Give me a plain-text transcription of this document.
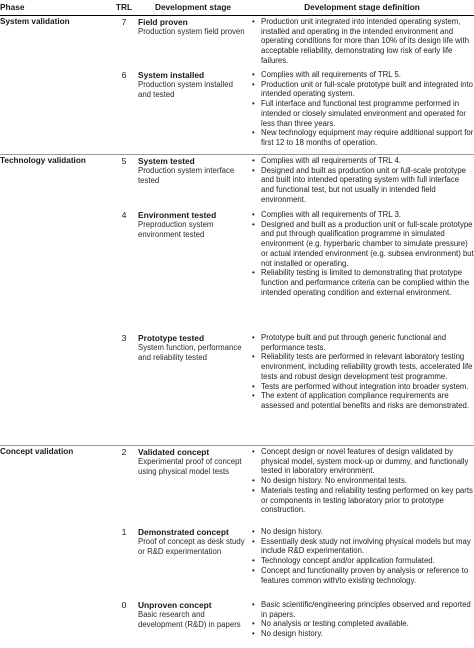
Phase	TRL	Development stage	Development stage definition
System validation	7	Field proven
Production system field proven
• Production unit integrated into intended operating system, installed and operating in the intended environment and operating conditions for more than 10% of its design life with acceptable reliability, demonstrating low risk of early life failures.
6	System installed
Production system installed and tested
• Complies with all requirements of TRL 5.
• Production unit or full-scale prototype built and integrated into intended operating system.
• Full interface and functional test programme performed in intended or closely simulated environment and operated for less than three years.
• New technology equipment may require additional support for first 12 to 18 months of operation.
Technology validation	5	System tested
Production system interface tested
• Complies with all requirements of TRL 4.
• Designed and built as production unit or full-scale prototype and built into intended operating system with full interface and functional test, but not usually in intended field environment.
4	Environment tested
Preproduction system environment tested
• Complies with all requirements of TRL 3.
• Designed and built as a production unit or full-scale prototype and put through qualification programme in simulated environment (e.g. hyperbaric chamber to simulate pressure) or actual intended environment (e.g. subsea environment) but not installed or operating.
• Reliability testing is limited to demonstrating that prototype function and performance criteria can be complied within the intended operating condition and external environment.
3	Prototype tested
System function, performance and reliability tested
• Prototype built and put through generic functional and performance tests.
• Reliability tests are performed in relevant laboratory testing environment, including reliability growth tests, accelerated life tests and robust design development test programme.
• Tests are performed without integration into broader system.
• The extent of application compliance requirements are assessed and potential benefits and risks are demonstrated.
Concept validation	2	Validated concept
Experimental proof of concept using physical model tests
• Concept design or novel features of design validated by physical model, system mock-up or dummy, and functionally tested in laboratory environment.
• No design history. No environmental tests.
• Materials testing and reliability testing performed on key parts or components in testing laboratory prior to prototype construction.
1	Demonstrated concept
Proof of concept as desk study or R&D experimentation
• No design history.
• Essentially desk study not involving physical models but may include R&D experimentation.
• Technology concept and/or application formulated.
• Concept and functionality proven by analysis or reference to features common with/to existing technology.
0	Unproven concept
Basic research and development (R&D) in papers
• Basic scientific/engineering principles observed and reported in papers.
• No analysis or testing completed available.
• No design history.
